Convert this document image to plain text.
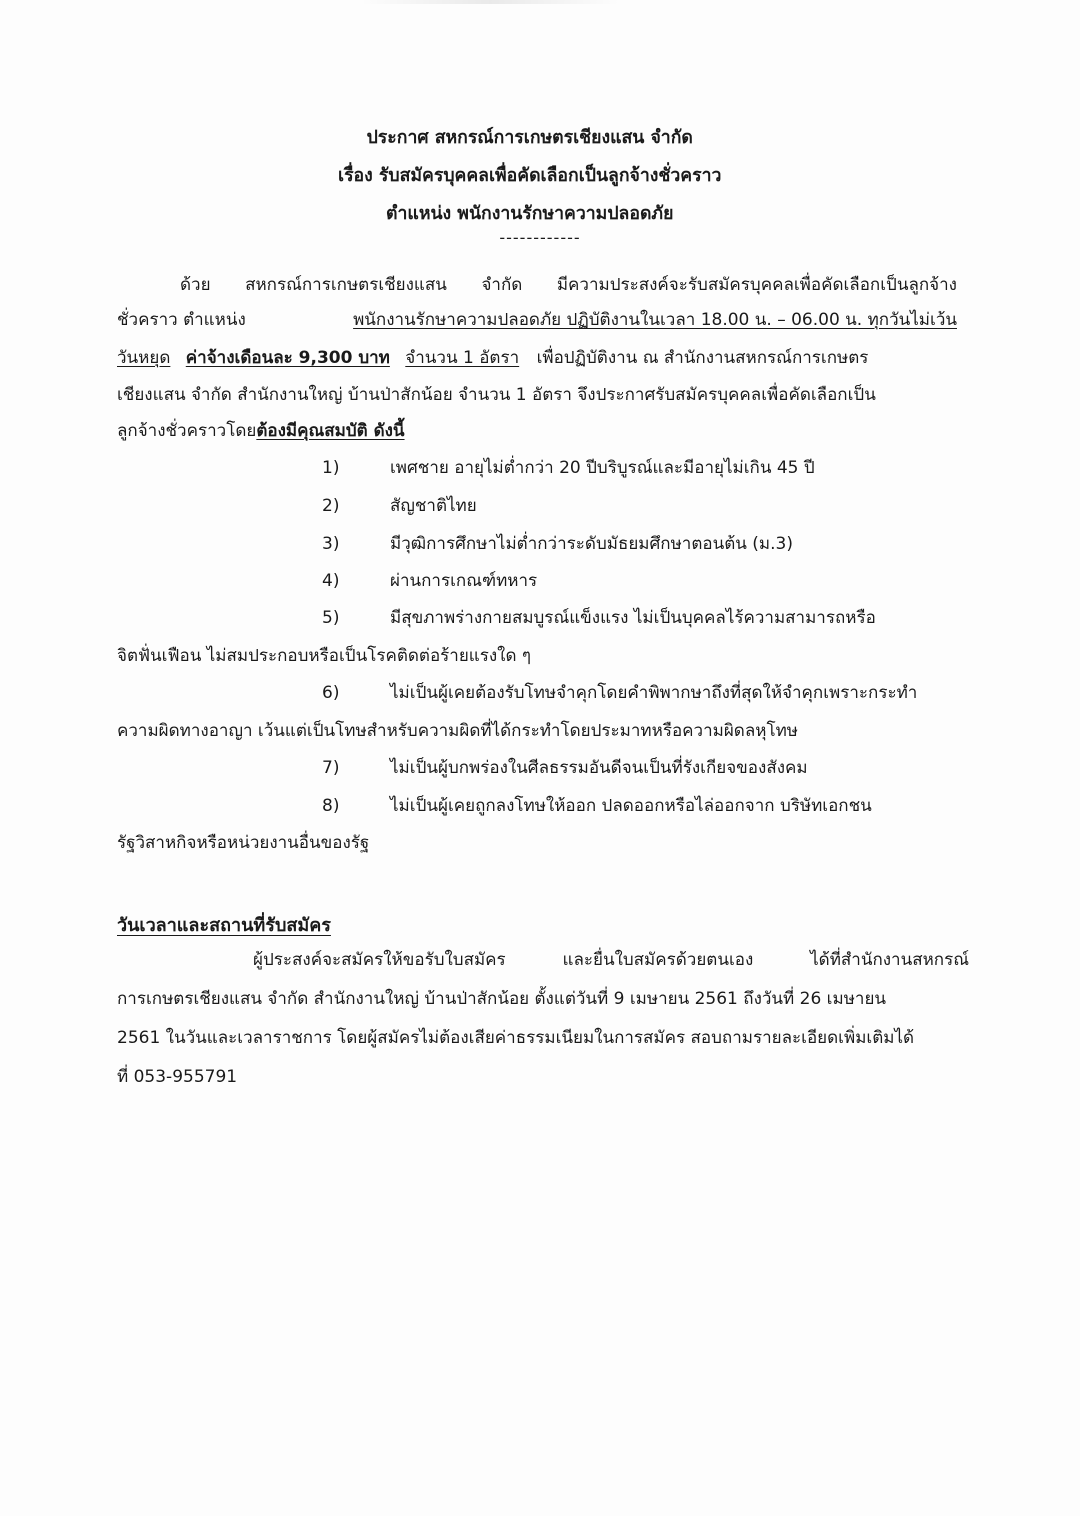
ประกาศ สหกรณ์การเกษตรเชียงแสน จำกัด
เรื่อง รับสมัครบุคคลเพื่อคัดเลือกเป็นลูกจ้างชั่วคราว
ตำแหน่ง พนักงานรักษาความปลอดภัย
------------
ด้วย สหกรณ์การเกษตรเชียงแสน จำกัด มีความประสงค์จะรับสมัครบุคคลเพื่อคัดเลือกเป็นลูกจ้าง
ชั่วคราว ตำแหน่ง	พนักงานรักษาความปลอดภัย ปฏิบัติงานในเวลา 18.00 น. – 06.00 น. ทุกวันไม่เว้น
วันหยุด ค่าจ้างเดือนละ 9,300 บาท จำนวน 1 อัตรา เพื่อปฏิบัติงาน ณ สำนักงานสหกรณ์การเกษตร
เชียงแสน จำกัด สำนักงานใหญ่ บ้านป่าสักน้อย จำนวน 1 อัตรา จึงประกาศรับสมัครบุคคลเพื่อคัดเลือกเป็น
ลูกจ้างชั่วคราวโดยต้องมีคุณสมบัติ ดังนี้
1)	เพศชาย อายุไม่ต่ำกว่า 20 ปีบริบูรณ์และมีอายุไม่เกิน 45 ปี
2)	สัญชาติไทย
3)	มีวุฒิการศึกษาไม่ต่ำกว่าระดับมัธยมศึกษาตอนต้น (ม.3)
4)	ผ่านการเกณฑ์ทหาร
5)	มีสุขภาพร่างกายสมบูรณ์แข็งแรง ไม่เป็นบุคคลไร้ความสามารถหรือ
จิตฟั่นเฟือน ไม่สมประกอบหรือเป็นโรคติดต่อร้ายแรงใด ๆ
6)	ไม่เป็นผู้เคยต้องรับโทษจำคุกโดยคำพิพากษาถึงที่สุดให้จำคุกเพราะกระทำ
ความผิดทางอาญา เว้นแต่เป็นโทษสำหรับความผิดที่ได้กระทำโดยประมาทหรือความผิดลหุโทษ
7)	ไม่เป็นผู้บกพร่องในศีลธรรมอันดีจนเป็นที่รังเกียจของสังคม
8)	ไม่เป็นผู้เคยถูกลงโทษให้ออก ปลดออกหรือไล่ออกจาก บริษัทเอกชน
รัฐวิสาหกิจหรือหน่วยงานอื่นของรัฐ
วันเวลาและสถานที่รับสมัคร
ผู้ประสงค์จะสมัครให้ขอรับใบสมัคร	และยื่นใบสมัครด้วยตนเอง	ได้ที่สำนักงานสหกรณ์
การเกษตรเชียงแสน จำกัด สำนักงานใหญ่ บ้านป่าสักน้อย ตั้งแต่วันที่ 9 เมษายน 2561 ถึงวันที่ 26 เมษายน
2561 ในวันและเวลาราชการ โดยผู้สมัครไม่ต้องเสียค่าธรรมเนียมในการสมัคร สอบถามรายละเอียดเพิ่มเติมได้
ที่ 053-955791
